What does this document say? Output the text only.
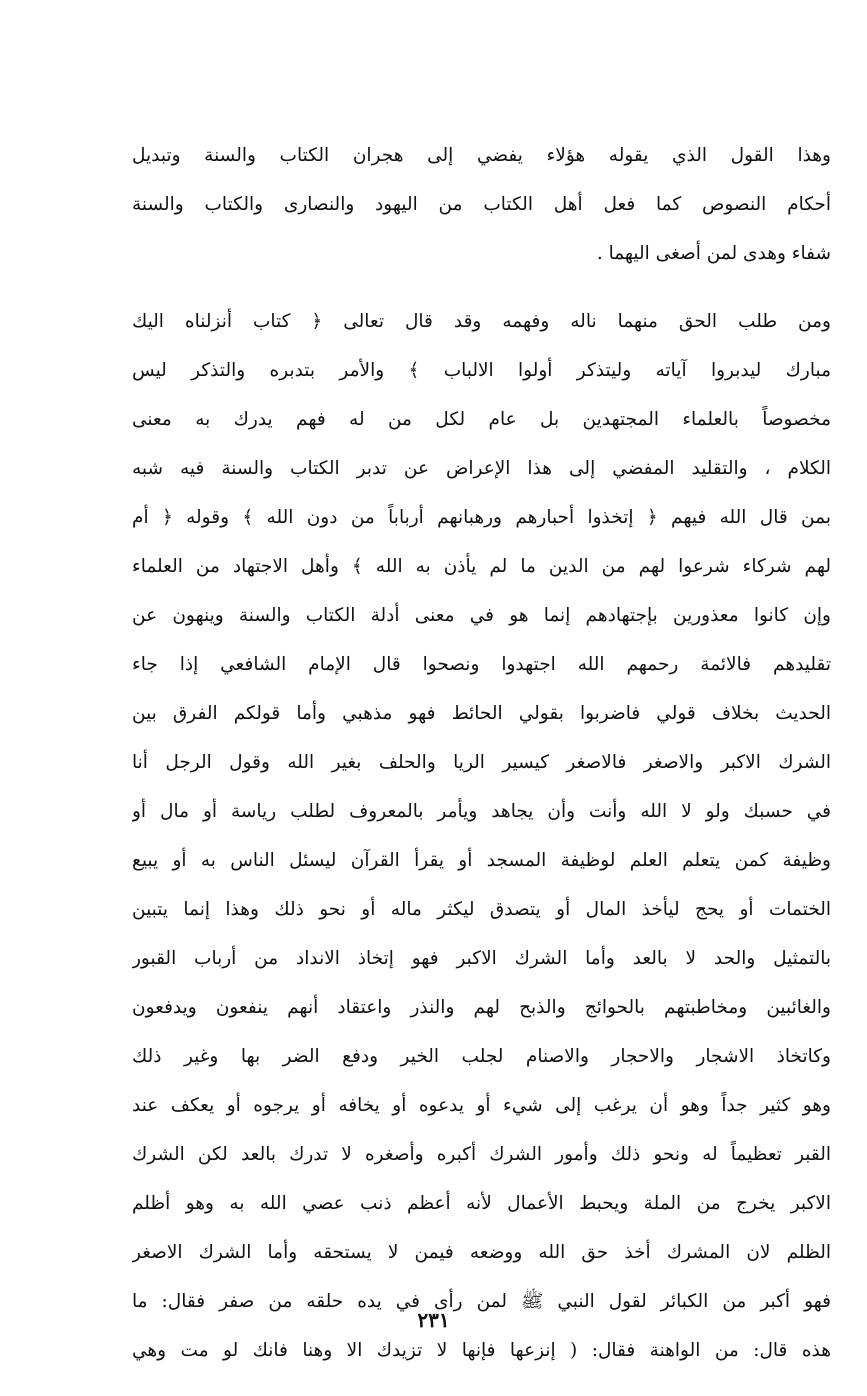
وهذا القول الذي يقوله هؤلاء يفضي إلى هجران الكتاب والسنة وتبديل
أحكام النصوص كما فعل أهل الكتاب من اليهود والنصارى والكتاب والسنة
شفاء وهدى لمن أصغى اليهما .
ومن طلب الحق منهما ناله وفهمه وقد قال تعالى ﴿ كتاب أنزلناه اليك
مبارك ليدبروا آياته وليتذكر أولوا الالباب ﴾ والأمر بتدبره والتذكر ليس
مخصوصاً بالعلماء المجتهدين بل عام لكل من له فهم يدرك به معنى
الكلام ، والتقليد المفضي إلى هذا الإعراض عن تدبر الكتاب والسنة فيه شبه
بمن قال الله فيهم ﴿ إتخذوا أحبارهم ورهبانهم أرباباً من دون الله ﴾ وقوله ﴿ أم
لهم شركاء شرعوا لهم من الدين ما لم يأذن به الله ﴾ وأهل الاجتهاد من العلماء
وإن كانوا معذورين بإجتهادهم إنما هو في معنى أدلة الكتاب والسنة وينهون عن
تقليدهم فالائمة رحمهم الله اجتهدوا ونصحوا قال الإمام الشافعي إذا جاء
الحديث بخلاف قولي فاضربوا بقولي الحائط فهو مذهبي وأما قولكم الفرق بين
الشرك الاكبر والاصغر فالاصغر كيسير الريا والحلف بغير الله وقول الرجل أنا
في حسبك ولو لا الله وأنت وأن يجاهد ويأمر بالمعروف لطلب رياسة أو مال أو
وظيفة كمن يتعلم العلم لوظيفة المسجد أو يقرأ القرآن ليسئل الناس به أو يبيع
الختمات أو يحج ليأخذ المال أو يتصدق ليكثر ماله أو نحو ذلك وهذا إنما يتبين
بالتمثيل والحد لا بالعد وأما الشرك الاكبر فهو إتخاذ الانداد من أرباب القبور
والغائبين ومخاطبتهم بالحوائج والذبح لهم والنذر واعتقاد أنهم ينفعون ويدفعون
وكاتخاذ الاشجار والاحجار والاصنام لجلب الخير ودفع الضر بها وغير ذلك
وهو كثير جداً وهو أن يرغب إلى شيء أو يدعوه أو يخافه أو يرجوه أو يعكف عند
القبر تعظيماً له ونحو ذلك وأمور الشرك أكبره وأصغره لا تدرك بالعد لكن الشرك
الاكبر يخرج من الملة ويحبط الأعمال لأنه أعظم ذنب عصي الله به وهو أظلم
الظلم لان المشرك أخذ حق الله ووضعه فيمن لا يستحقه وأما الشرك الاصغر
فهو أكبر من الكبائر لقول النبي ﷺ لمن رأى في يده حلقه من صفر فقال: ما
هذه قال: من الواهنة فقال: ( إنزعها فإنها لا تزيدك الا وهنا فانك لو مت وهي
٢٣١
